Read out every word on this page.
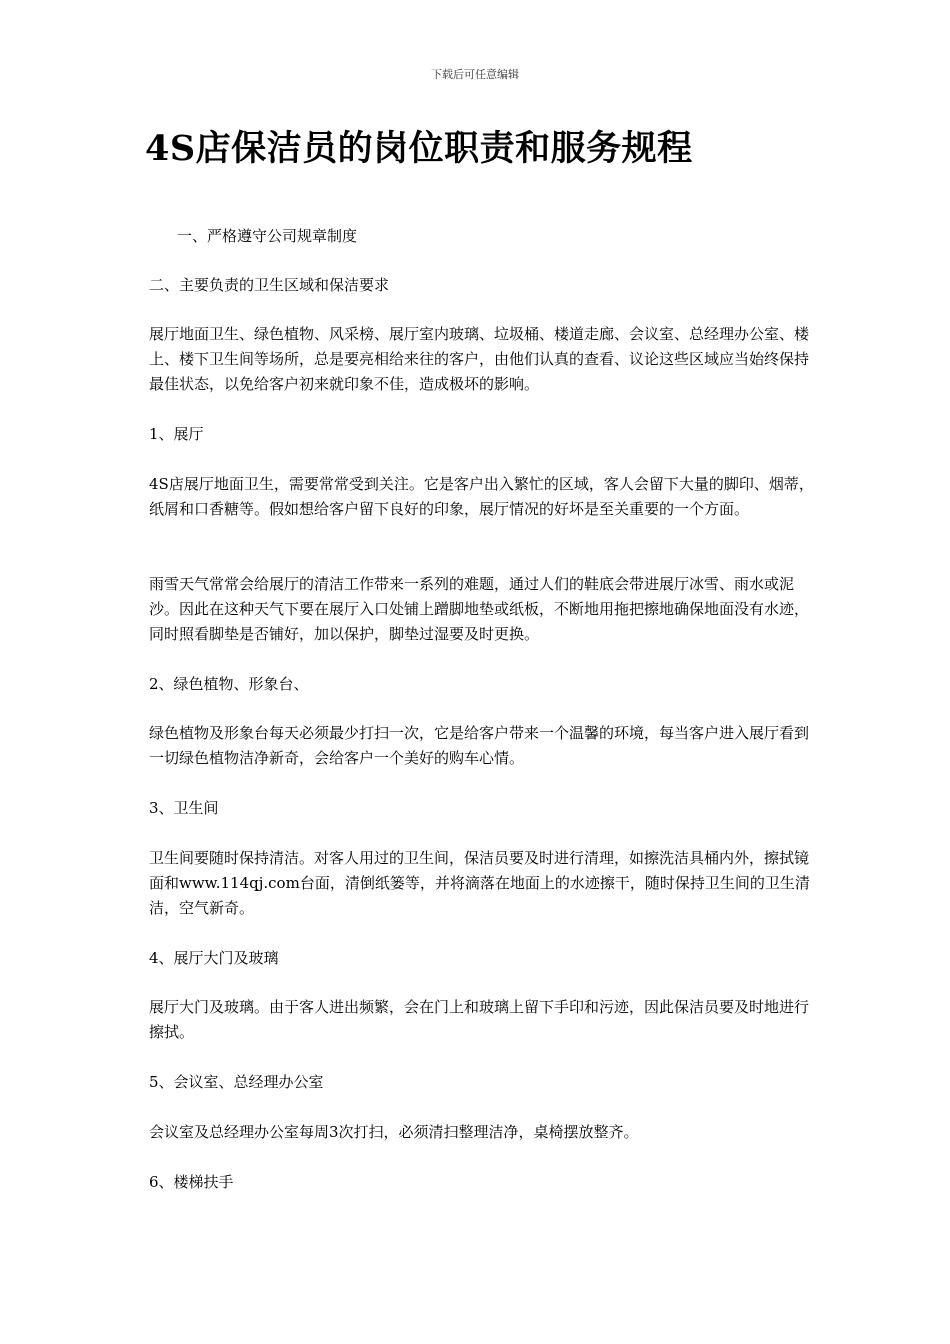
下载后可任意编辑
4S店保洁员的岗位职责和服务规程

一、严格遵守公司规章制度

二、主要负责的卫生区域和保洁要求

展厅地面卫生、绿色植物、风采榜、展厅室内玻璃、垃圾桶、楼道走廊、会议室、总经理办公室、楼上、楼下卫生间等场所，总是要亮相给来往的客户，由他们认真的查看、议论这些区域应当始终保持最佳状态，以免给客户初来就印象不佳，造成极坏的影响。

1、展厅

4S店展厅地面卫生，需要常常受到关注。它是客户出入繁忙的区域，客人会留下大量的脚印、烟蒂，纸屑和口香糖等。假如想给客户留下良好的印象，展厅情况的好坏是至关重要的一个方面。

雨雪天气常常会给展厅的清洁工作带来一系列的难题，通过人们的鞋底会带进展厅冰雪、雨水或泥沙。因此在这种天气下要在展厅入口处铺上蹭脚地垫或纸板，不断地用拖把擦地确保地面没有水迹，同时照看脚垫是否铺好，加以保护，脚垫过湿要及时更换。

2、绿色植物、形象台、

绿色植物及形象台每天必须最少打扫一次，它是给客户带来一个温馨的环境，每当客户进入展厅看到一切绿色植物洁净新奇，会给客户一个美好的购车心情。

3、卫生间

卫生间要随时保持清洁。对客人用过的卫生间，保洁员要及时进行清理，如擦洗洁具桶内外，擦拭镜面和www.114qj.com台面，清倒纸篓等，并将滴落在地面上的水迹擦干，随时保持卫生间的卫生清洁，空气新奇。

4、展厅大门及玻璃

展厅大门及玻璃。由于客人进出频繁，会在门上和玻璃上留下手印和污迹，因此保洁员要及时地进行擦拭。

5、会议室、总经理办公室

会议室及总经理办公室每周3次打扫，必须清扫整理洁净，桌椅摆放整齐。

6、楼梯扶手
